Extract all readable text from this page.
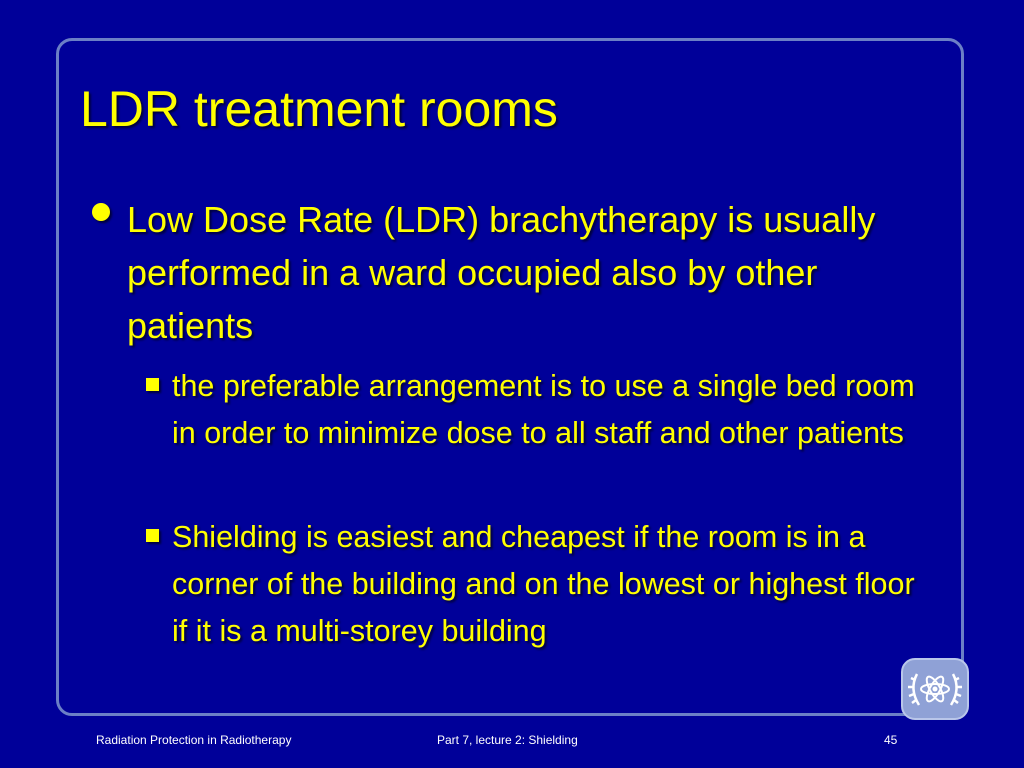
LDR treatment rooms
Low Dose Rate (LDR) brachytherapy is usually performed in a ward occupied also by other patients
the preferable arrangement is to use a single bed room in order to minimize dose to all staff and other patients
Shielding is easiest and cheapest if the room is in a corner of the building and on the lowest or highest floor if it is a multi-storey building
Radiation Protection in Radiotherapy	Part 7, lecture 2: Shielding	45
